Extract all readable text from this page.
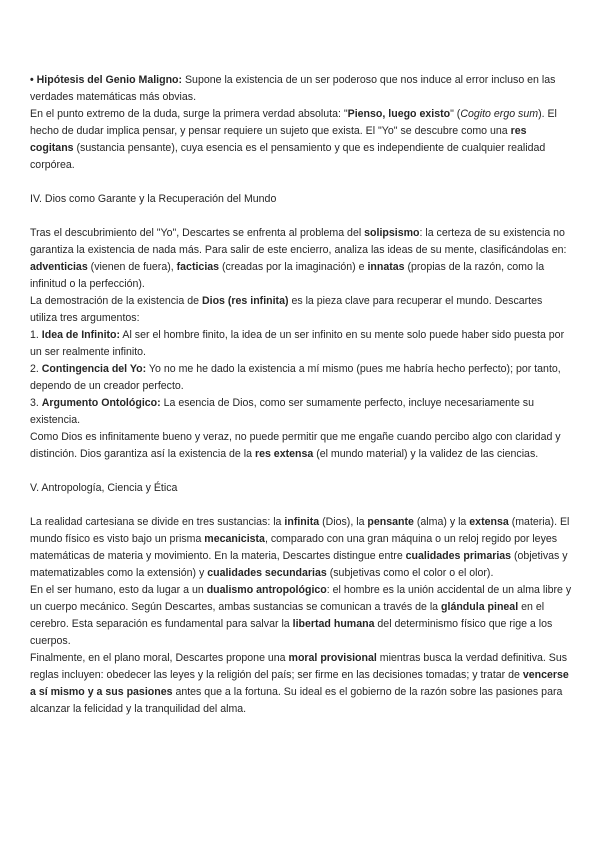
• Hipótesis del Genio Maligno: Supone la existencia de un ser poderoso que nos induce al error incluso en las verdades matemáticas más obvias.

En el punto extremo de la duda, surge la primera verdad absoluta: "Pienso, luego existo" (Cogito ergo sum). El hecho de dudar implica pensar, y pensar requiere un sujeto que exista. El "Yo" se descubre como una res cogitans (sustancia pensante), cuya esencia es el pensamiento y que es independiente de cualquier realidad corpórea.

IV. Dios como Garante y la Recuperación del Mundo

Tras el descubrimiento del "Yo", Descartes se enfrenta al problema del solipsismo: la certeza de su existencia no garantiza la existencia de nada más. Para salir de este encierro, analiza las ideas de su mente, clasificándolas en: adventicias (vienen de fuera), facticias (creadas por la imaginación) e innatas (propias de la razón, como la infinitud o la perfección).

La demostración de la existencia de Dios (res infinita) es la pieza clave para recuperar el mundo. Descartes utiliza tres argumentos:

1. Idea de Infinito: Al ser el hombre finito, la idea de un ser infinito en su mente solo puede haber sido puesta por un ser realmente infinito.

2. Contingencia del Yo: Yo no me he dado la existencia a mí mismo (pues me habría hecho perfecto); por tanto, dependo de un creador perfecto.

3. Argumento Ontológico: La esencia de Dios, como ser sumamente perfecto, incluye necesariamente su existencia.

Como Dios es infinitamente bueno y veraz, no puede permitir que me engañe cuando percibo algo con claridad y distinción. Dios garantiza así la existencia de la res extensa (el mundo material) y la validez de las ciencias.

V. Antropología, Ciencia y Ética

La realidad cartesiana se divide en tres sustancias: la infinita (Dios), la pensante (alma) y la extensa (materia). El mundo físico es visto bajo un prisma mecanicista, comparado con una gran máquina o un reloj regido por leyes matemáticas de materia y movimiento. En la materia, Descartes distingue entre cualidades primarias (objetivas y matematizables como la extensión) y cualidades secundarias (subjetivas como el color o el olor).

En el ser humano, esto da lugar a un dualismo antropológico: el hombre es la unión accidental de un alma libre y un cuerpo mecánico. Según Descartes, ambas sustancias se comunican a través de la glándula pineal en el cerebro. Esta separación es fundamental para salvar la libertad humana del determinismo físico que rige a los cuerpos.

Finalmente, en el plano moral, Descartes propone una moral provisional mientras busca la verdad definitiva. Sus reglas incluyen: obedecer las leyes y la religión del país; ser firme en las decisiones tomadas; y tratar de vencerse a sí mismo y a sus pasiones antes que a la fortuna. Su ideal es el gobierno de la razón sobre las pasiones para alcanzar la felicidad y la tranquilidad del alma.
